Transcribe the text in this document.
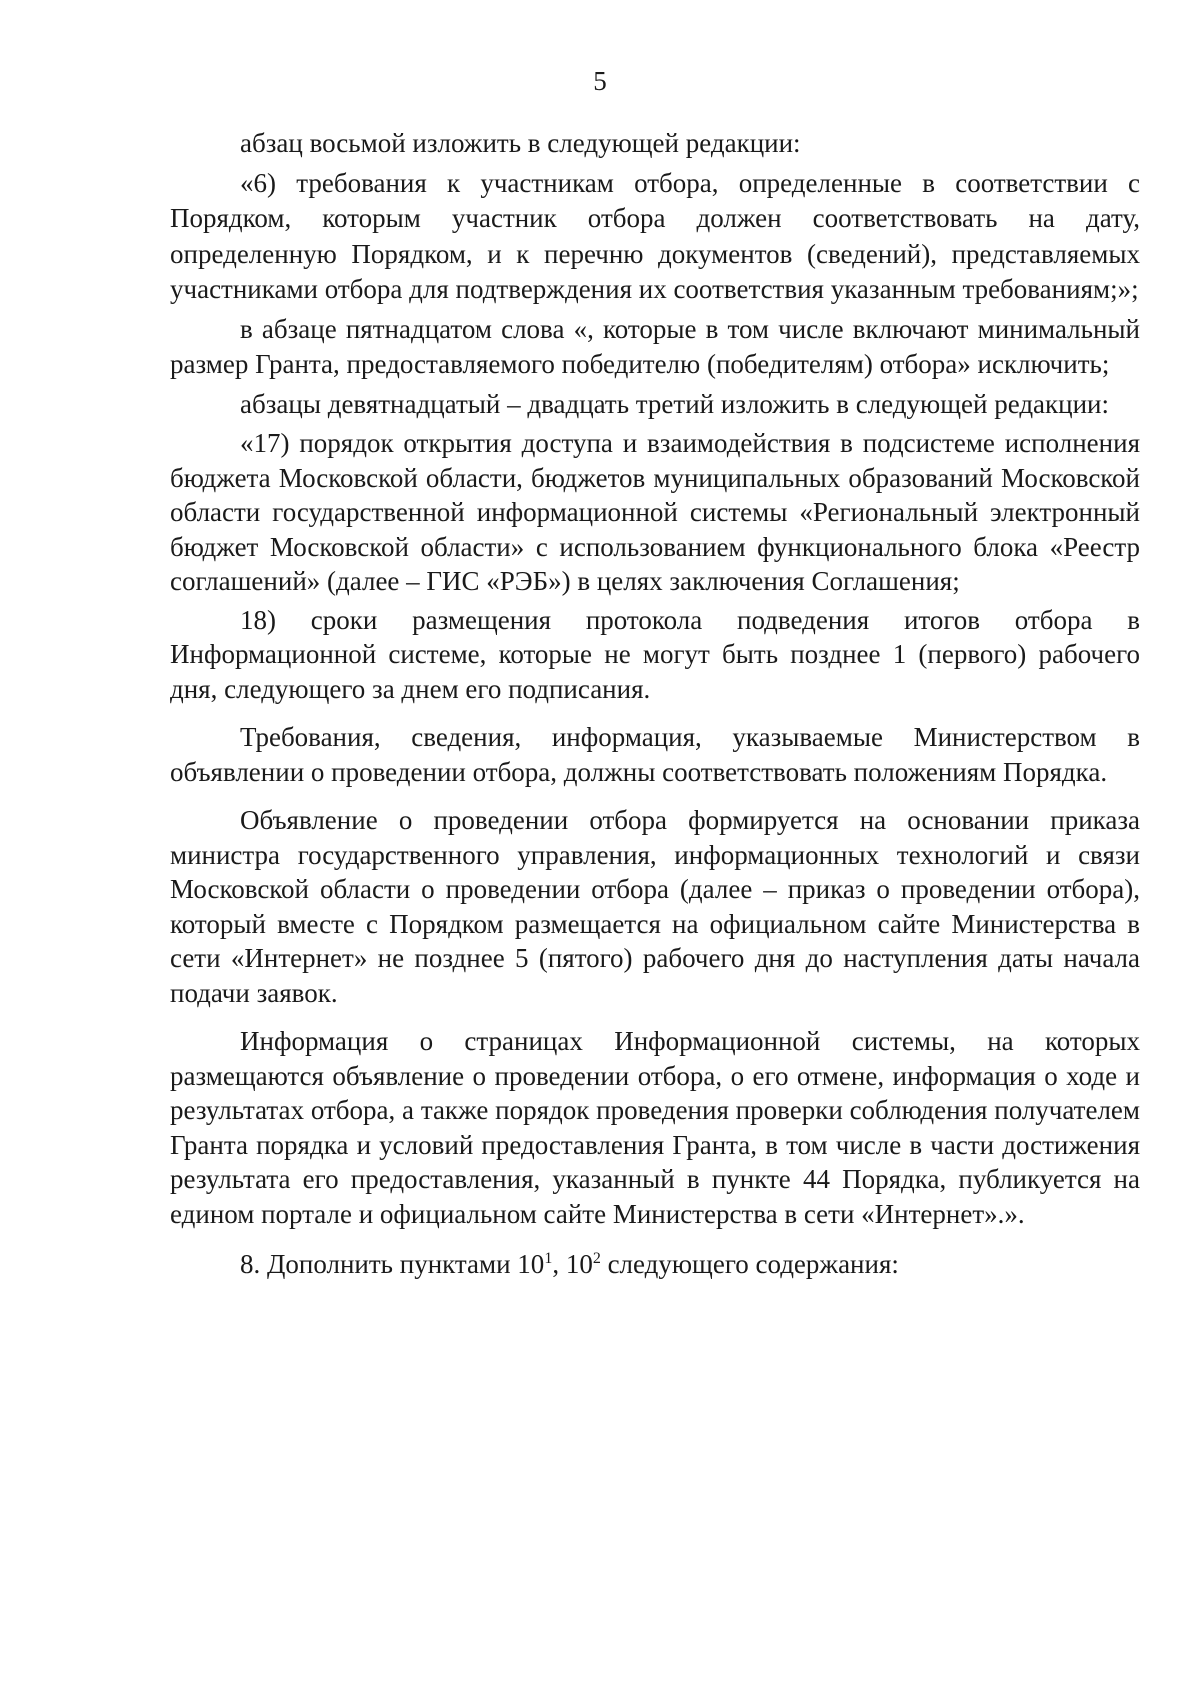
5

абзац восьмой изложить в следующей редакции:

«6) требования к участникам отбора, определенные в соответствии с Порядком, которым участник отбора должен соответствовать на дату, определенную Порядком, и к перечню документов (сведений), представляемых участниками отбора для подтверждения их соответствия указанным требованиям;»;

в абзаце пятнадцатом слова «, которые в том числе включают минимальный размер Гранта, предоставляемого победителю (победителям) отбора» исключить;

абзацы девятнадцатый – двадцать третий изложить в следующей редакции:

«17) порядок открытия доступа и взаимодействия в подсистеме исполнения бюджета Московской области, бюджетов муниципальных образований Московской области государственной информационной системы «Региональный электронный бюджет Московской области» с использованием функционального блока «Реестр соглашений» (далее – ГИС «РЭБ») в целях заключения Соглашения;

18) сроки размещения протокола подведения итогов отбора в Информационной системе, которые не могут быть позднее 1 (первого) рабочего дня, следующего за днем его подписания.

Требования, сведения, информация, указываемые Министерством в объявлении о проведении отбора, должны соответствовать положениям Порядка.

Объявление о проведении отбора формируется на основании приказа министра государственного управления, информационных технологий и связи Московской области о проведении отбора (далее – приказ о проведении отбора), который вместе с Порядком размещается на официальном сайте Министерства в сети «Интернет» не позднее 5 (пятого) рабочего дня до наступления даты начала подачи заявок.

Информация о страницах Информационной системы, на которых размещаются объявление о проведении отбора, о его отмене, информация о ходе и результатах отбора, а также порядок проведения проверки соблюдения получателем Гранта порядка и условий предоставления Гранта, в том числе в части достижения результата его предоставления, указанный в пункте 44 Порядка, публикуется на едином портале и официальном сайте Министерства в сети «Интернет».».

8. Дополнить пунктами $10^1$, $10^2$ следующего содержания:
